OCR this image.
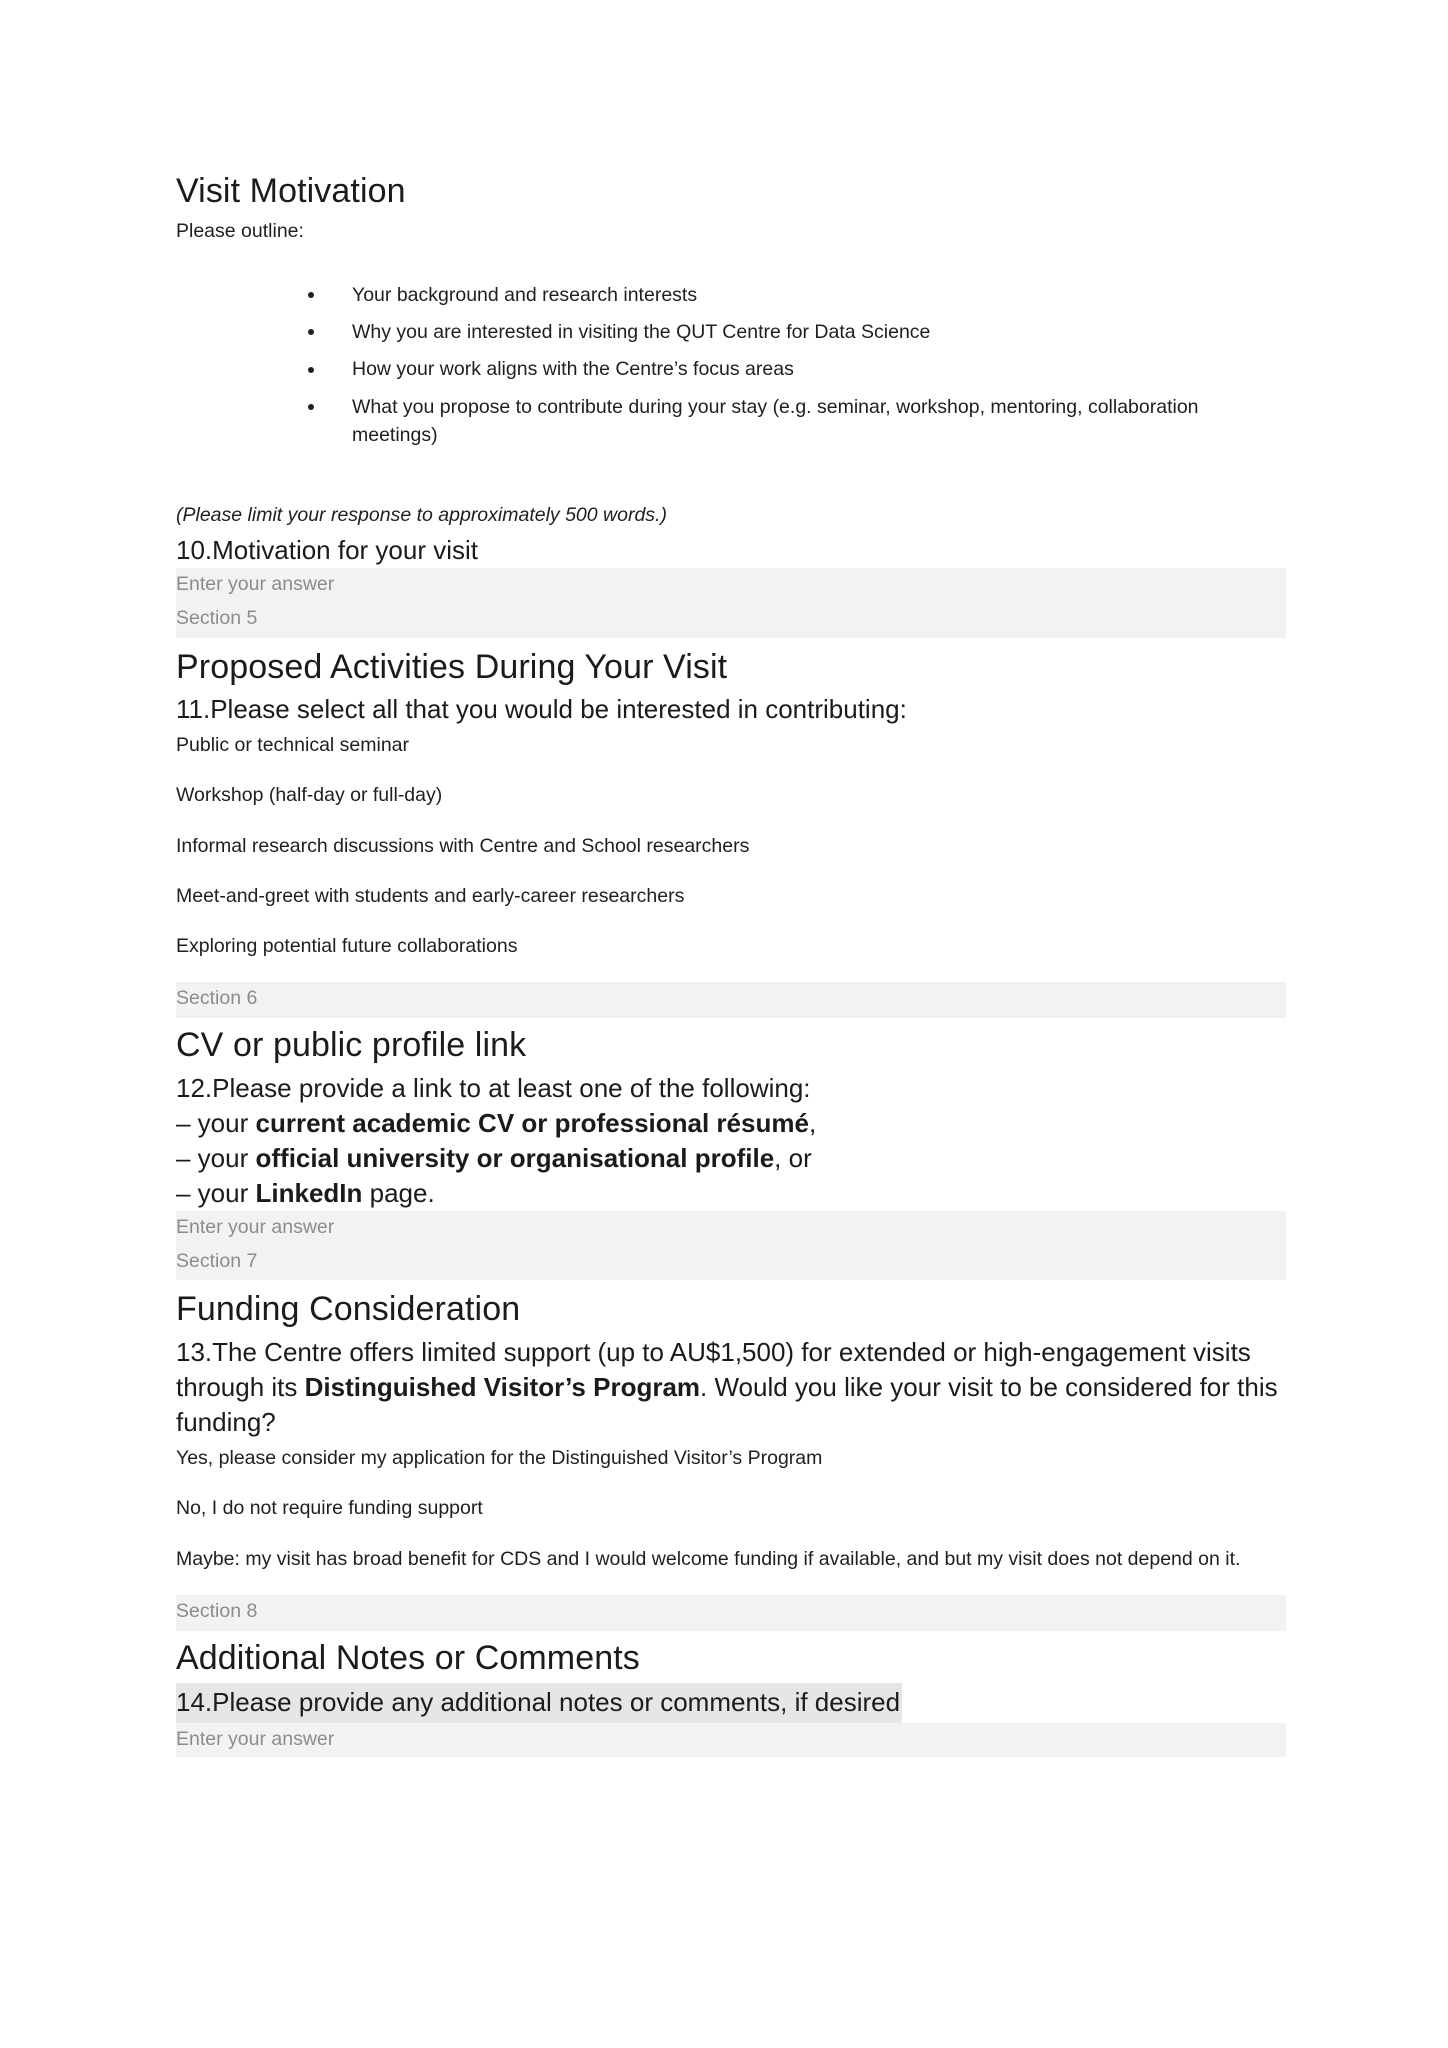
Visit Motivation

Please outline:

Your background and research interests
Why you are interested in visiting the QUT Centre for Data Science
How your work aligns with the Centre’s focus areas
What you propose to contribute during your stay (e.g. seminar, workshop, mentoring, collaboration meetings)

(Please limit your response to approximately 500 words.)

10.Motivation for your visit

Enter your answer

Section 5

Proposed Activities During Your Visit
11.Please select all that you would be interested in contributing:

Public or technical seminar

Workshop (half-day or full-day)

Informal research discussions with Centre and School researchers

Meet-and-greet with students and early-career researchers

Exploring potential future collaborations

Section 6

CV or public profile link
12.Please provide a link to at least one of the following:
– your current academic CV or professional résumé,
– your official university or organisational profile, or
– your LinkedIn page.

Enter your answer

Section 7

Funding Consideration
13.The Centre offers limited support (up to AU$1,500) for extended or high-engagement visits through its Distinguished Visitor’s Program. Would you like your visit to be considered for this funding?

Yes, please consider my application for the Distinguished Visitor’s Program

No, I do not require funding support

Maybe: my visit has broad benefit for CDS and I would welcome funding if available, and but my visit does not depend on it.

Section 8

Additional Notes or Comments
14.Please provide any additional notes or comments, if desired

Enter your answer
